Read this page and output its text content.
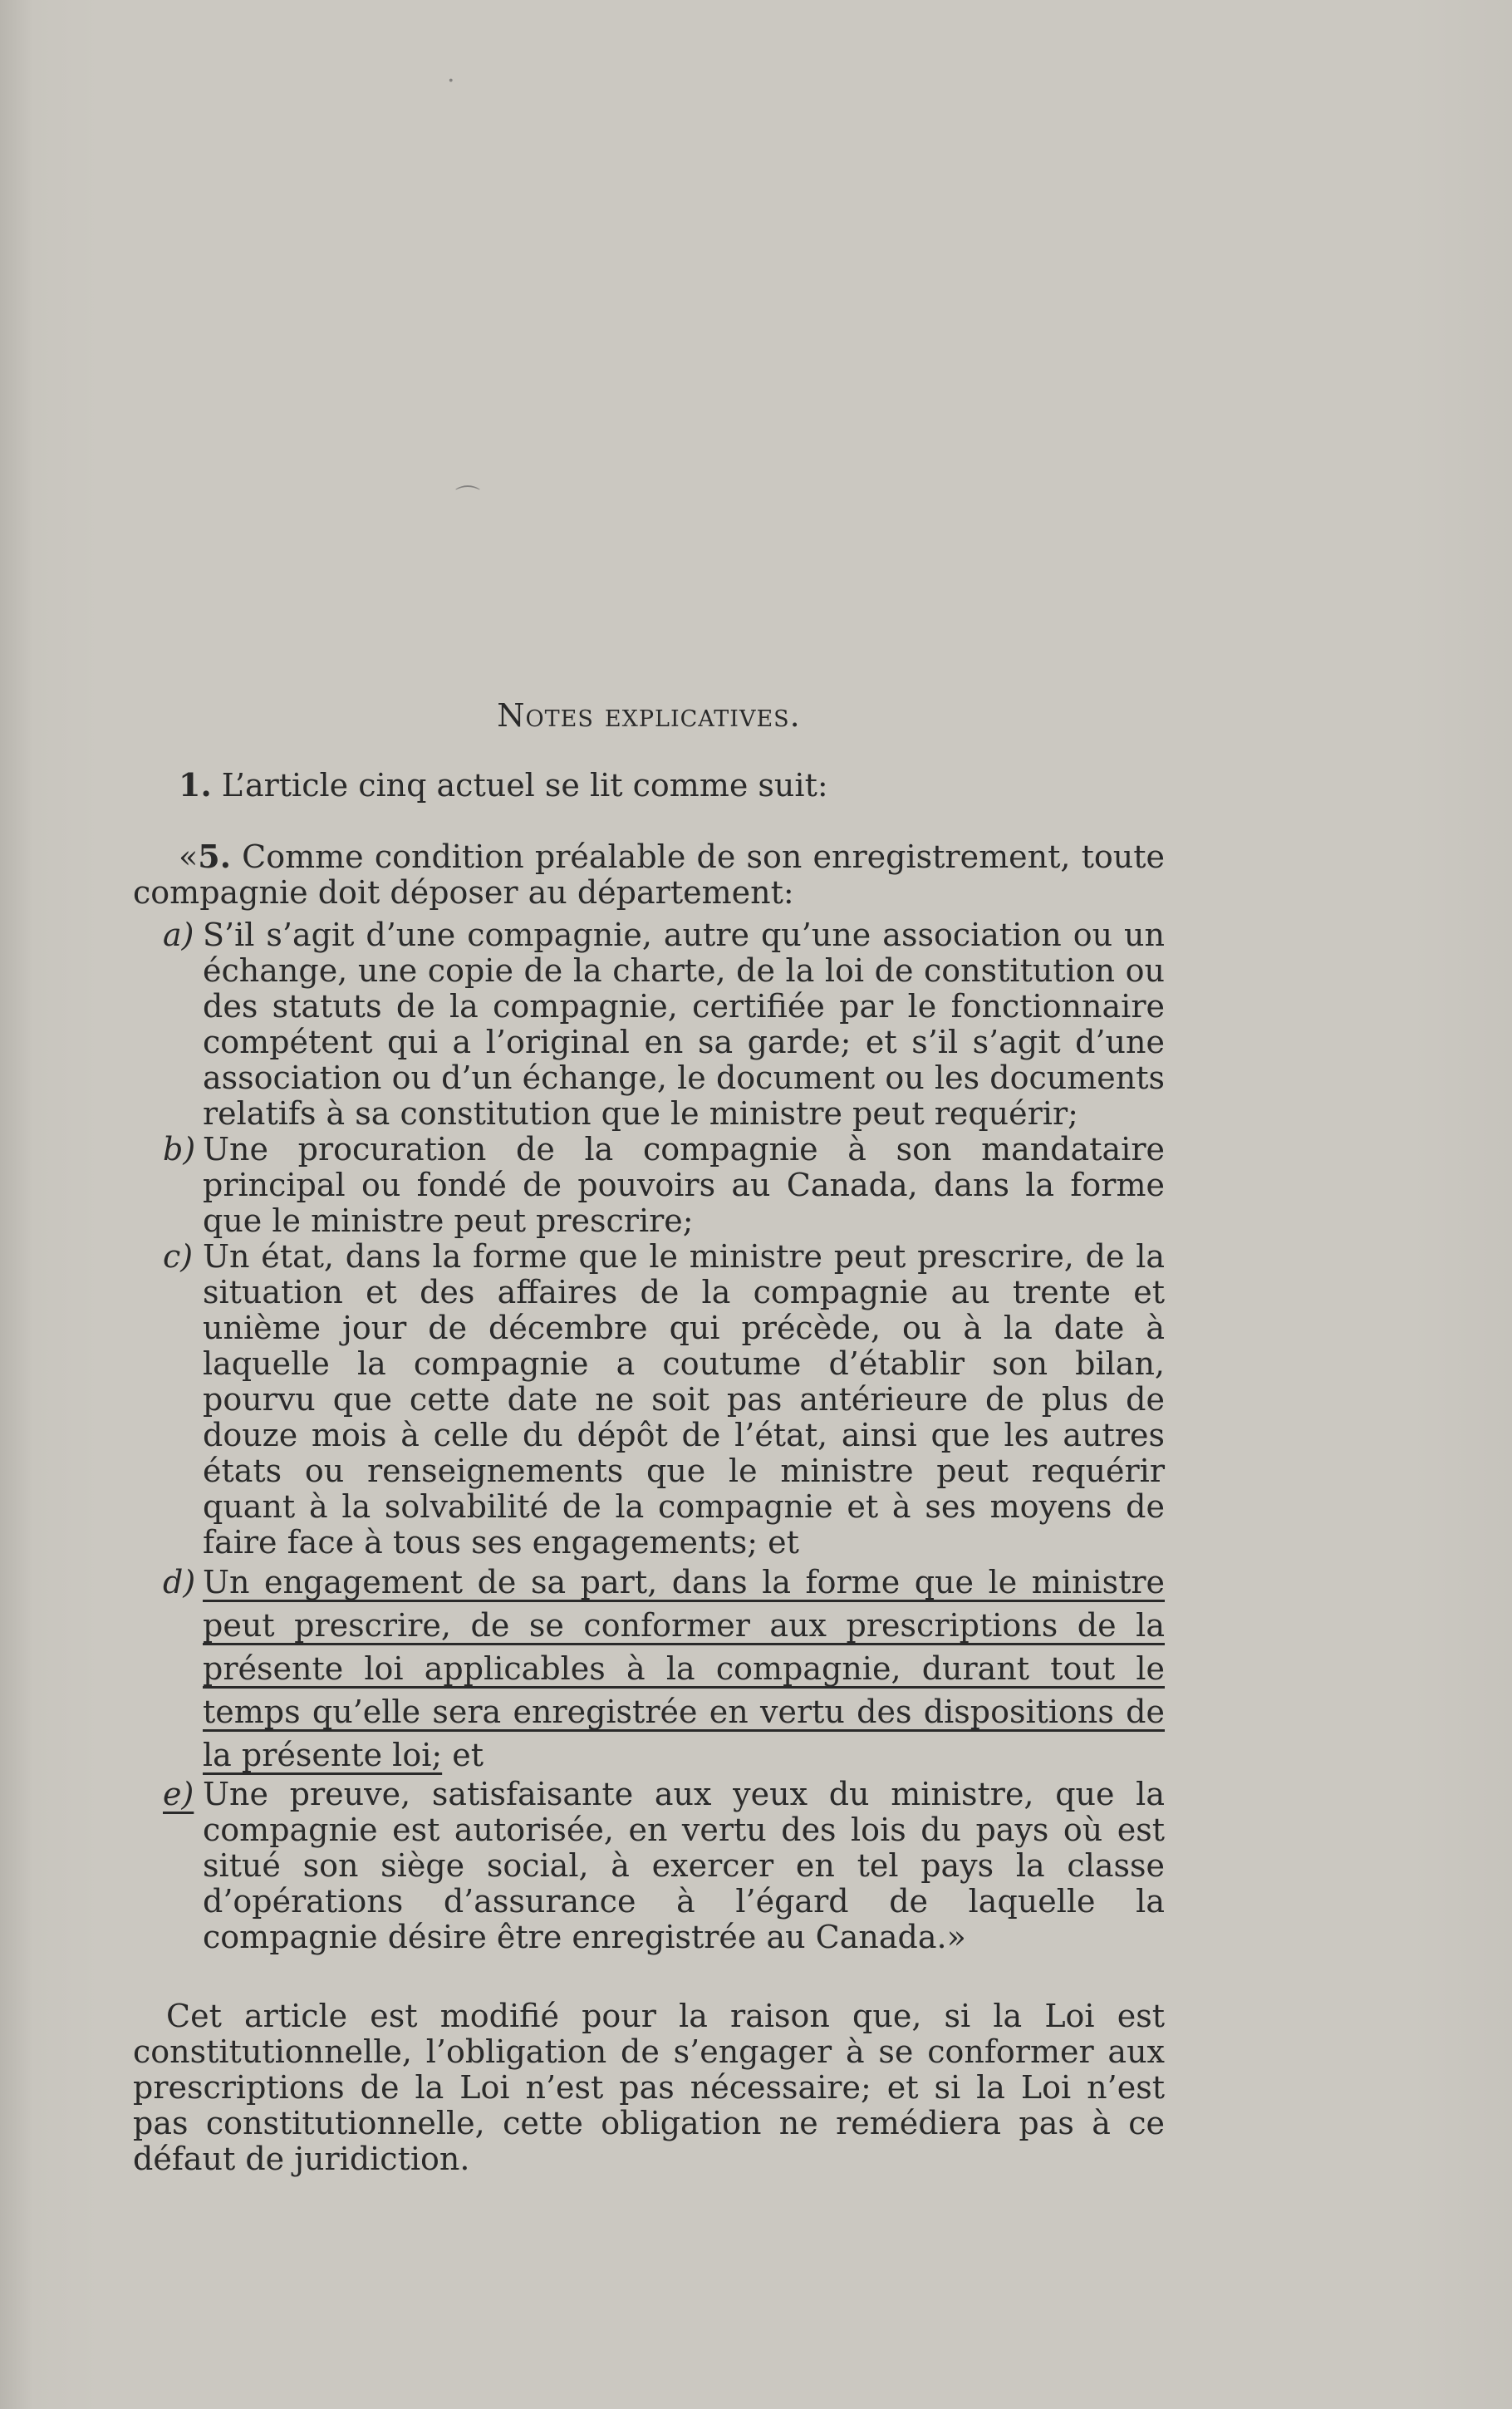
·
⌒

Notes explicatives.

1. L’article cinq actuel se lit comme suit:

«5. Comme condition préalable de son enregistrement, toute compagnie doit déposer au département:

a) S’il s’agit d’une compagnie, autre qu’une association ou un échange, une copie de la charte, de la loi de constitution ou des statuts de la compagnie, certifiée par le fonctionnaire compétent qui a l’original en sa garde; et s’il s’agit d’une association ou d’un échange, le document ou les documents relatifs à sa constitution que le ministre peut requérir;
b) Une procuration de la compagnie à son mandataire principal ou fondé de pouvoirs au Canada, dans la forme que le ministre peut prescrire;
c) Un état, dans la forme que le ministre peut prescrire, de la situation et des affaires de la compagnie au trente et unième jour de décembre qui précède, ou à la date à laquelle la compagnie a coutume d’établir son bilan, pourvu que cette date ne soit pas antérieure de plus de douze mois à celle du dépôt de l’état, ainsi que les autres états ou renseignements que le ministre peut requérir quant à la solvabilité de la compagnie et à ses moyens de faire face à tous ses engagements; et
d) Un engagement de sa part, dans la forme que le ministre peut prescrire, de se conformer aux prescriptions de la présente loi applicables à la compagnie, durant tout le temps qu’elle sera enregistrée en vertu des dispositions de la présente loi; et
e) Une preuve, satisfaisante aux yeux du ministre, que la compagnie est autorisée, en vertu des lois du pays où est situé son siège social, à exercer en tel pays la classe d’opérations d’assurance à l’égard de laquelle la compagnie désire être enregistrée au Canada.»

Cet article est modifié pour la raison que, si la Loi est constitutionnelle, l’obligation de s’engager à se conformer aux prescriptions de la Loi n’est pas nécessaire; et si la Loi n’est pas constitutionnelle, cette obligation ne remédiera pas à ce défaut de juridiction.
